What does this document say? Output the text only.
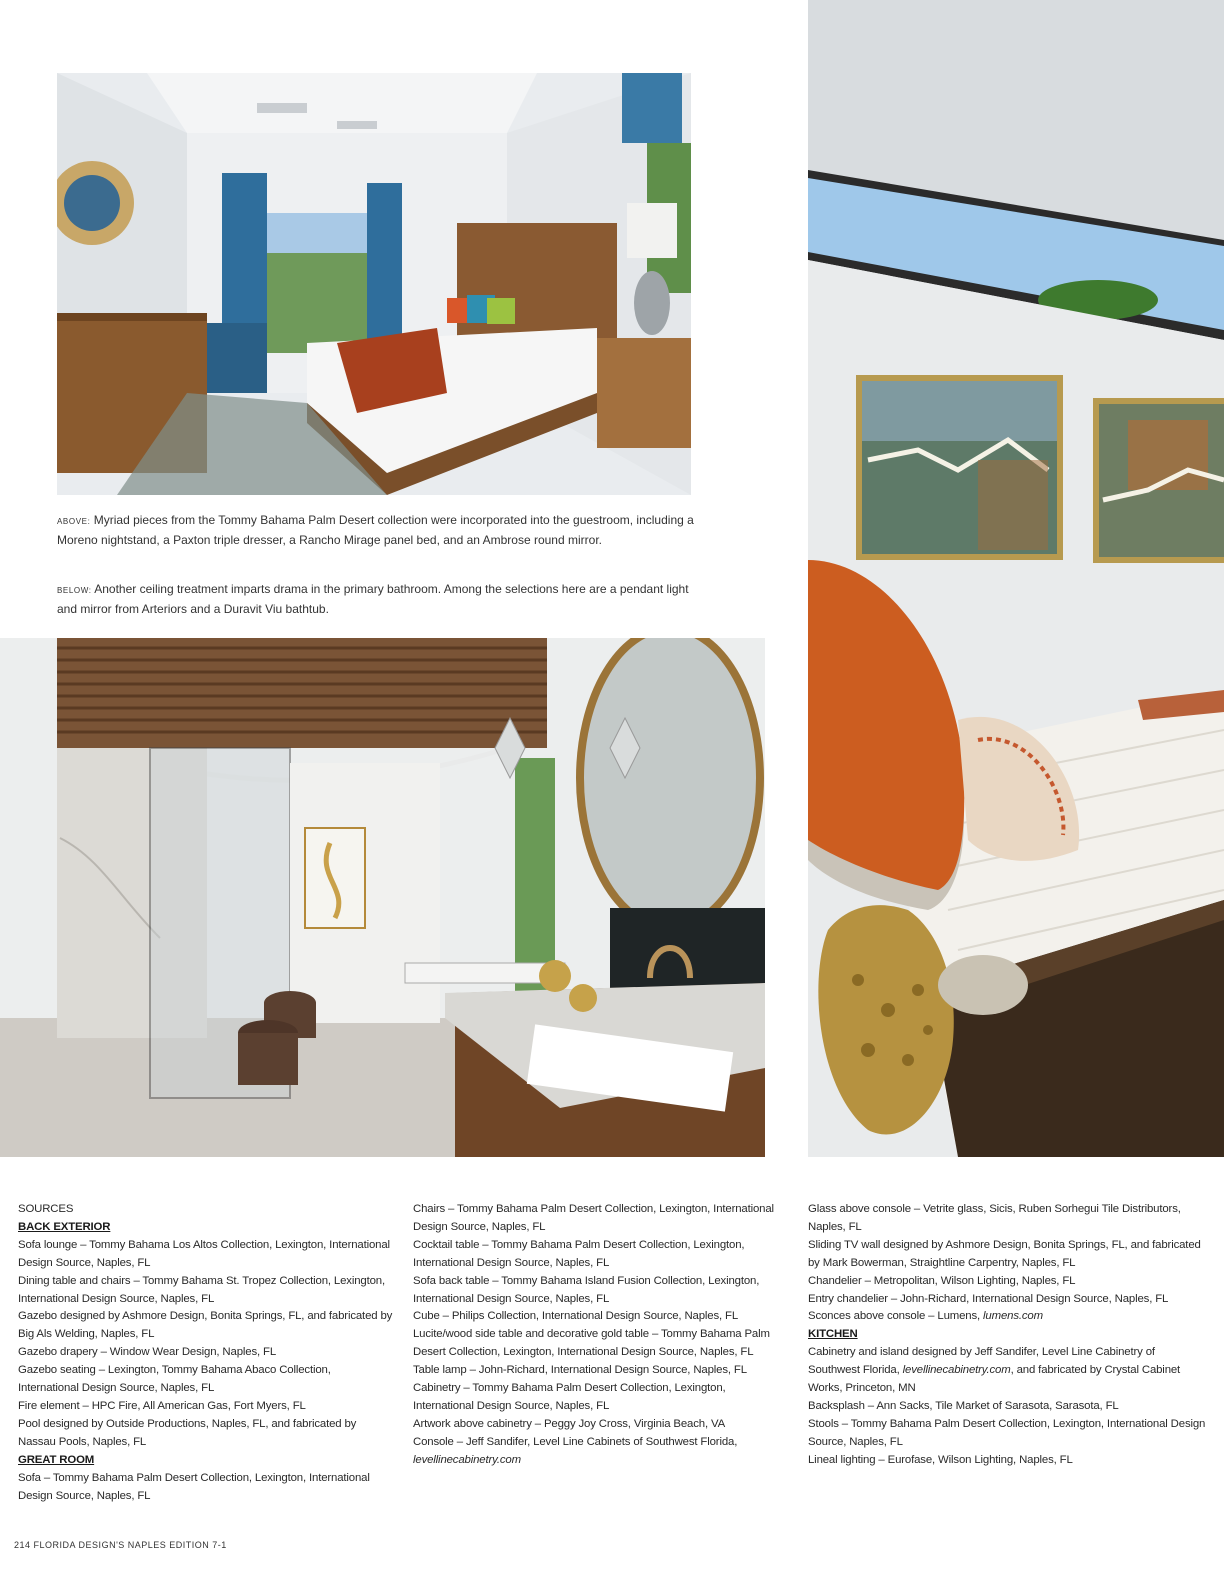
ABOVE: Myriad pieces from the Tommy Bahama Palm Desert collection were incorporated into the guestroom, including a Moreno nightstand, a Paxton triple dresser, a Rancho Mirage panel bed, and an Ambrose round mirror.
BELOW: Another ceiling treatment imparts drama in the primary bathroom. Among the selections here are a pendant light and mirror from Arteriors and a Duravit Viu bathtub.

SOURCES

BACK EXTERIOR

Sofa lounge – Tommy Bahama Los Altos Collection, Lexington, International Design Source, Naples, FL

Dining table and chairs – Tommy Bahama St. Tropez Collection, Lexington, International Design Source, Naples, FL

Gazebo designed by Ashmore Design, Bonita Springs, FL, and fabricated by Big Als Welding, Naples, FL

Gazebo drapery – Window Wear Design, Naples, FL

Gazebo seating – Lexington, Tommy Bahama Abaco Collection, International Design Source, Naples, FL

Fire element – HPC Fire, All American Gas, Fort Myers, FL

Pool designed by Outside Productions, Naples, FL, and fabricated by Nassau Pools, Naples, FL

GREAT ROOM

Sofa – Tommy Bahama Palm Desert Collection, Lexington, International Design Source, Naples, FL

Chairs – Tommy Bahama Palm Desert Collection, Lexington, International Design Source, Naples, FL

Cocktail table – Tommy Bahama Palm Desert Collection, Lexington, International Design Source, Naples, FL

Sofa back table – Tommy Bahama Island Fusion Collection, Lexington, International Design Source, Naples, FL

Cube – Philips Collection, International Design Source, Naples, FL

Lucite/wood side table and decorative gold table – Tommy Bahama Palm Desert Collection, Lexington, International Design Source, Naples, FL

Table lamp – John-Richard, International Design Source, Naples, FL

Cabinetry – Tommy Bahama Palm Desert Collection, Lexington, International Design Source, Naples, FL

Artwork above cabinetry – Peggy Joy Cross, Virginia Beach, VA

Console – Jeff Sandifer, Level Line Cabinets of Southwest Florida, levellinecabinetry.com

Glass above console – Vetrite glass, Sicis, Ruben Sorhegui Tile Distributors, Naples, FL

Sliding TV wall designed by Ashmore Design, Bonita Springs, FL, and fabricated by Mark Bowerman, Straightline Carpentry, Naples, FL

Chandelier – Metropolitan, Wilson Lighting, Naples, FL

Entry chandelier – John-Richard, International Design Source, Naples, FL

Sconces above console – Lumens, lumens.com

KITCHEN

Cabinetry and island designed by Jeff Sandifer, Level Line Cabinetry of Southwest Florida, levellinecabinetry.com, and fabricated by Crystal Cabinet Works, Princeton, MN

Backsplash – Ann Sacks, Tile Market of Sarasota, Sarasota, FL

Stools – Tommy Bahama Palm Desert Collection, Lexington, International Design Source, Naples, FL

Lineal lighting – Eurofase, Wilson Lighting, Naples, FL

214 FLORIDA DESIGN'S NAPLES EDITION 7-1
